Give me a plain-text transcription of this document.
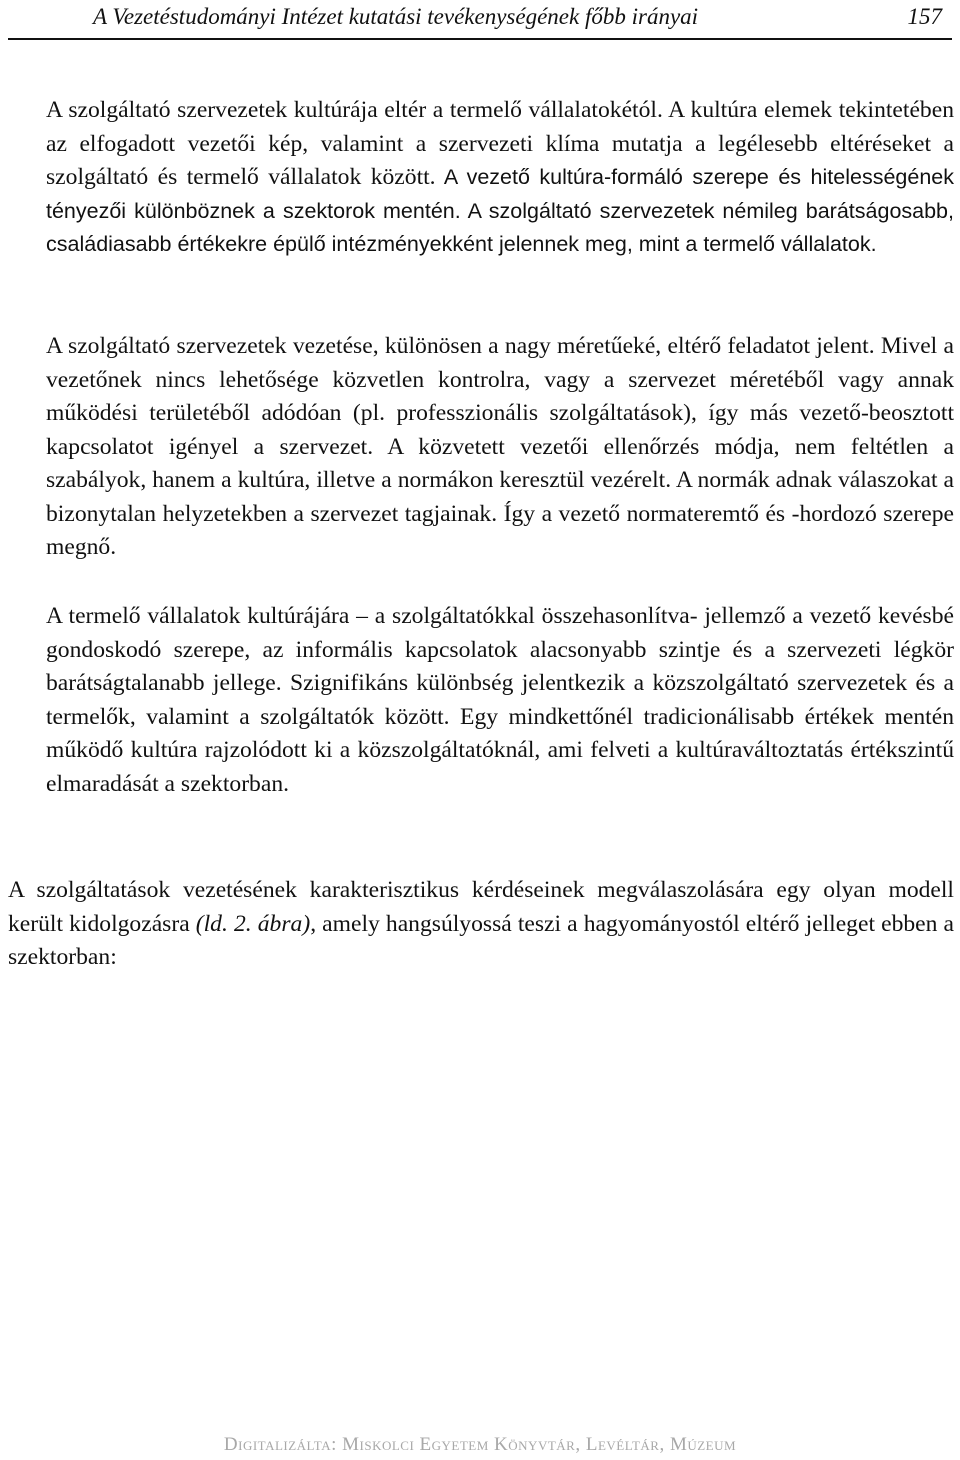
A Vezetéstudományi Intézet kutatási tevékenységének főbb irányai	157

A szolgáltató szervezetek kultúrája eltér a termelő vállalatokétól. A kultúra elemek tekintetében az elfogadott vezetői kép, valamint a szervezeti klíma mutatja a legélesebb eltéréseket a szolgáltató és termelő vállalatok között. A vezető kultúra-formáló szerepe és hitelességének tényezői különböznek a szektorok mentén. A szolgáltató szervezetek némileg barátságosabb, családiasabb értékekre épülő intézményekként jelennek meg, mint a termelő vállalatok.

A szolgáltató szervezetek vezetése, különösen a nagy méretűeké, eltérő feladatot jelent. Mivel a vezetőnek nincs lehetősége közvetlen kontrolra, vagy a szervezet méretéből vagy annak működési területéből adódóan (pl. professzionális szolgáltatások), így más vezető-beosztott kapcsolatot igényel a szervezet. A közvetett vezetői ellenőrzés módja, nem feltétlen a szabályok, hanem a kultúra, illetve a normákon keresztül vezérelt. A normák adnak válaszokat a bizonytalan helyzetekben a szervezet tagjainak. Így a vezető normateremtő és -hordozó szerepe megnő.

A termelő vállalatok kultúrájára – a szolgáltatókkal összehasonlítva- jellemző a vezető kevésbé gondoskodó szerepe, az informális kapcsolatok alacsonyabb szintje és a szervezeti légkör barátságtalanabb jellege. Szignifikáns különbség jelentkezik a közszolgáltató szervezetek és a termelők, valamint a szolgáltatók között. Egy mindkettőnél tradicionálisabb értékek mentén működő kultúra rajzolódott ki a közszolgáltatóknál, ami felveti a kultúraváltoztatás értékszintű elmaradását a szektorban.

A szolgáltatások vezetésének karakterisztikus kérdéseinek megválaszolására egy olyan modell került kidolgozásra (ld. 2. ábra), amely hangsúlyossá teszi a hagyományostól eltérő jelleget ebben a szektorban:

Digitalizálta: Miskolci Egyetem Könyvtár, Levéltár, Múzeum
